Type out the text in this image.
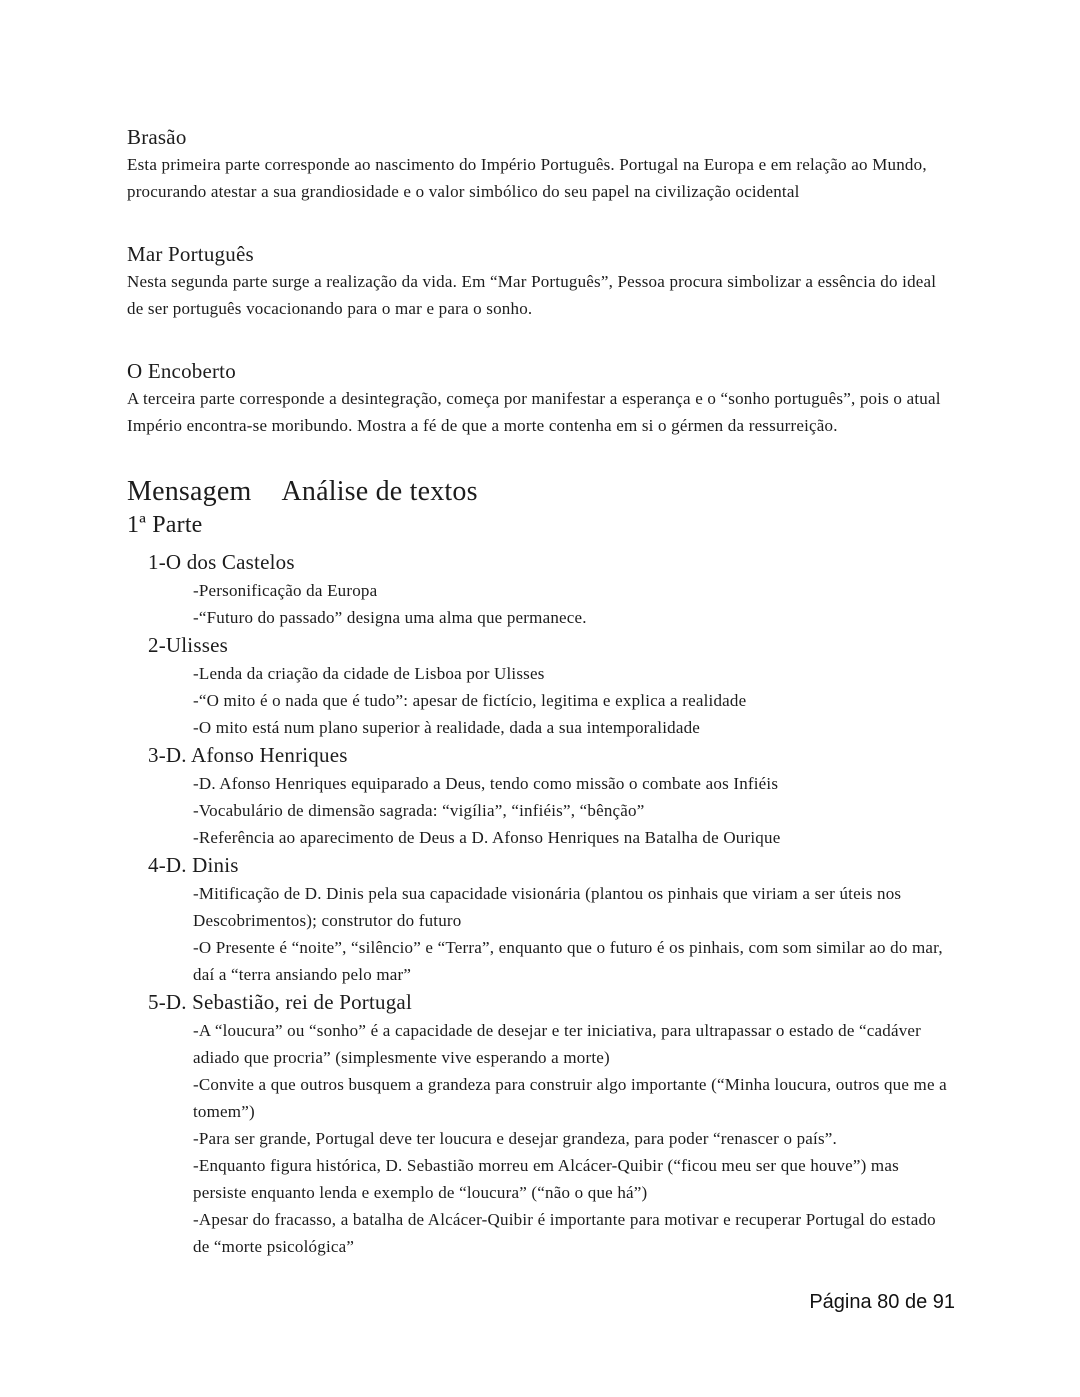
Brasão

Esta primeira parte corresponde ao nascimento do Império Português. Portugal na Europa e em relação ao Mundo, procurando atestar a sua grandiosidade e o valor simbólico do seu papel na civilização ocidental

Mar Português

Nesta segunda parte surge a realização da vida. Em “Mar Português”, Pessoa procura simbolizar a essência do ideal de ser português vocacionando para o mar e para o sonho.

O Encoberto

A terceira parte corresponde a desintegração, começa por manifestar a esperança e o “sonho português”, pois o atual Império encontra-se moribundo. Mostra a fé de que a morte contenha em si o gérmen da ressurreição.

Mensagem Análise de textos
1ª Parte
1-O dos Castelos

-Personificação da Europa

-“Futuro do passado” designa uma alma que permanece.

2-Ulisses

-Lenda da criação da cidade de Lisboa por Ulisses

-“O mito é o nada que é tudo”: apesar de fictício, legitima e explica a realidade

-O mito está num plano superior à realidade, dada a sua intemporalidade

3-D. Afonso Henriques

-D. Afonso Henriques equiparado a Deus, tendo como missão o combate aos Infiéis

-Vocabulário de dimensão sagrada: “vigília”, “infiéis”, “bênção”

-Referência ao aparecimento de Deus a D. Afonso Henriques na Batalha de Ourique

4-D. Dinis

-Mitificação de D. Dinis pela sua capacidade visionária (plantou os pinhais que viriam a ser úteis nos Descobrimentos); construtor do futuro

-O Presente é “noite”, “silêncio” e “Terra”, enquanto que o futuro é os pinhais, com som similar ao do mar, daí a “terra ansiando pelo mar”

5-D. Sebastião, rei de Portugal

-A “loucura” ou “sonho” é a capacidade de desejar e ter iniciativa, para ultrapassar o estado de “cadáver adiado que procria” (simplesmente vive esperando a morte)

-Convite a que outros busquem a grandeza para construir algo importante (“Minha loucura, outros que me a tomem”)

-Para ser grande, Portugal deve ter loucura e desejar grandeza, para poder “renascer o país”.

-Enquanto figura histórica, D. Sebastião morreu em Alcácer-Quibir (“ficou meu ser que houve”) mas persiste enquanto lenda e exemplo de “loucura” (“não o que há”)

-Apesar do fracasso, a batalha de Alcácer-Quibir é importante para motivar e recuperar Portugal do estado de “morte psicológica”

Página 80 de 91
